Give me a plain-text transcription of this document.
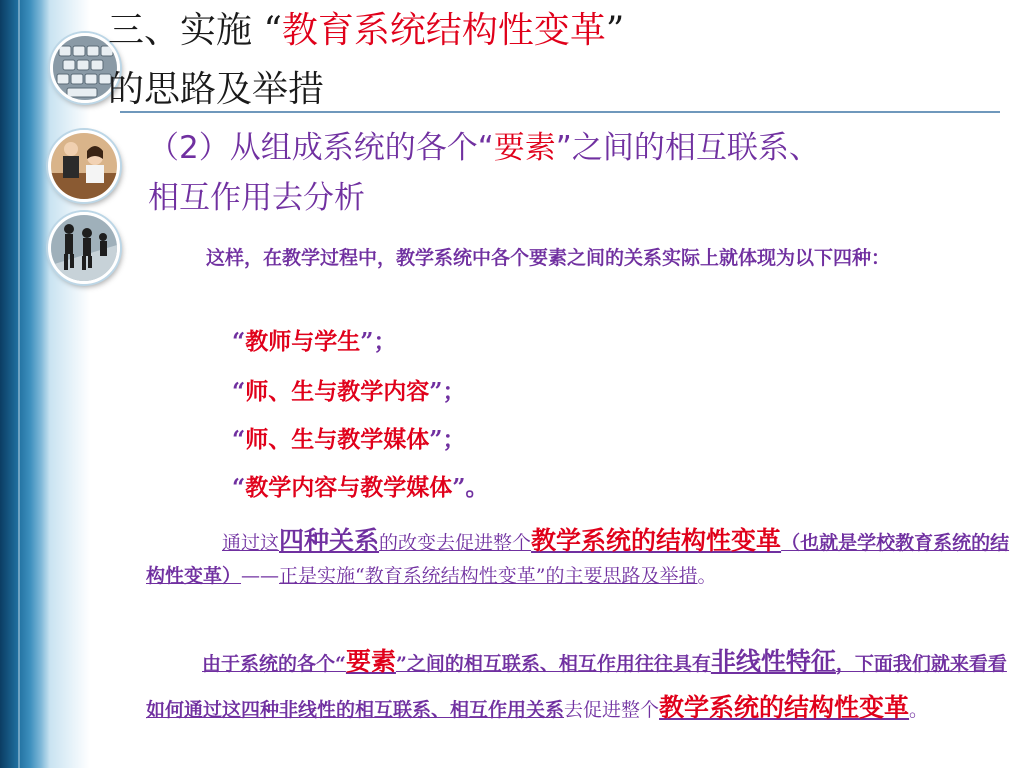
三、实施 “教育系统结构性变革”
的思路及举措
（2）从组成系统的各个“要素”之间的相互联系、
相互作用去分析
这样，在教学过程中，教学系统中各个要素之间的关系实际上就体现为以下四种：
“教师与学生”；
“师、生与教学内容”；
“师、生与教学媒体”；
“教学内容与教学媒体”。
通过这四种关系的改变去促进整个教学系统的结构性变革（也就是学校教育系统的结构性变革）——正是实施“教育系统结构性变革”的主要思路及举措。
由于系统的各个“要素”之间的相互联系、相互作用往往具有非线性特征，下面我们就来看看如何通过这四种非线性的相互联系、相互作用关系去促进整个教学系统的结构性变革。
